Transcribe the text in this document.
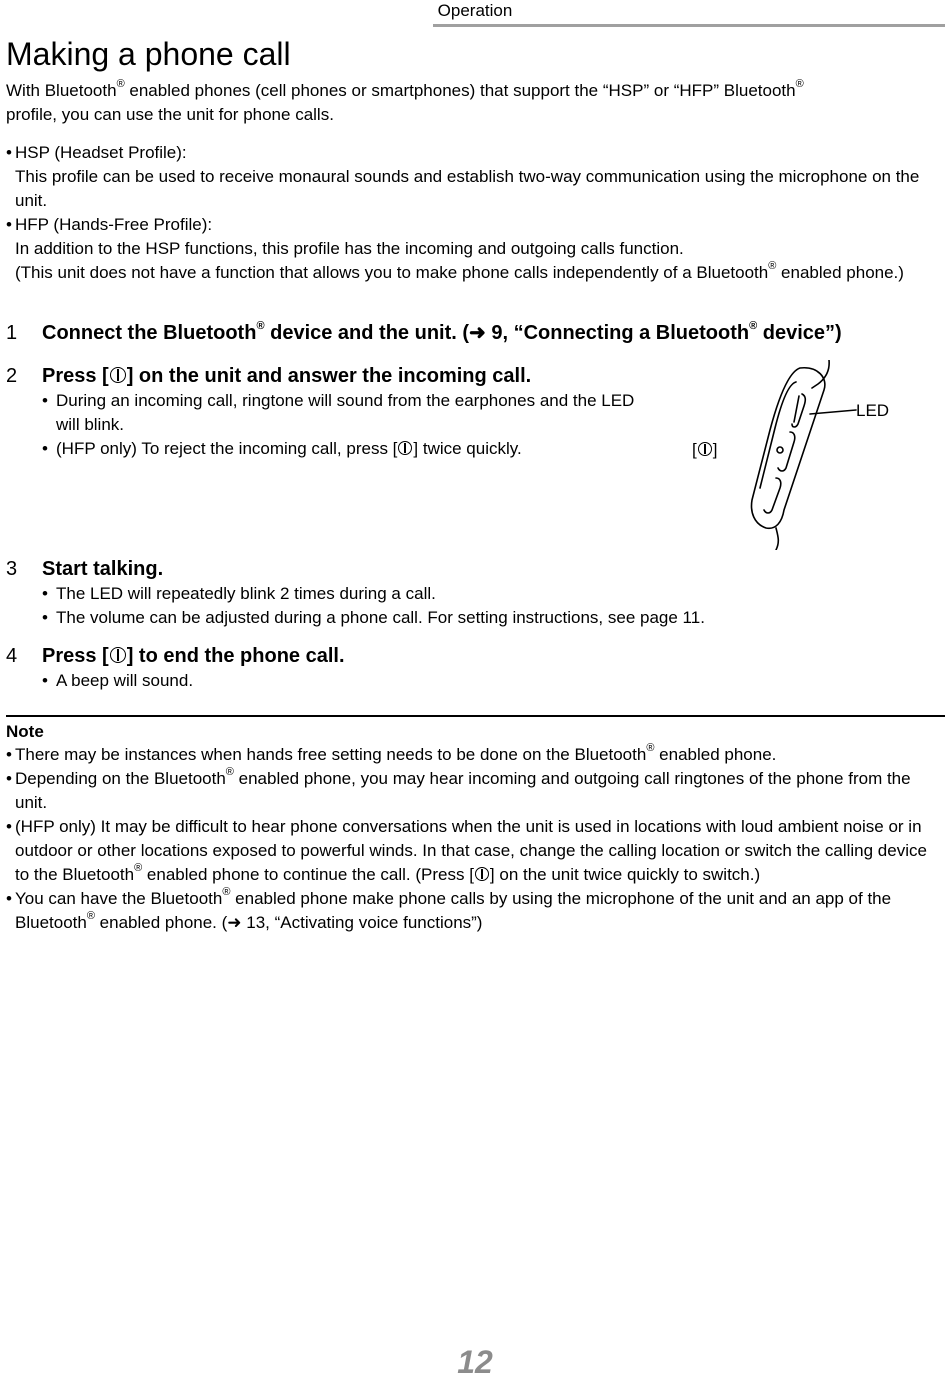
Operation
Making a phone call
With Bluetooth® enabled phones (cell phones or smartphones) that support the “HSP” or “HFP” Bluetooth®
profile, you can use the unit for phone calls.
• HSP (Headset Profile):
This profile can be used to receive monaural sounds and establish two-way communication using the microphone on the unit.
• HFP (Hands-Free Profile):
In addition to the HSP functions, this profile has the incoming and outgoing calls function.
(This unit does not have a function that allows you to make phone calls independently of a Bluetooth® enabled phone.)
1 Connect the Bluetooth® device and the unit. (➜ 9, “Connecting a Bluetooth® device”)
2 Press [ ] on the unit and answer the incoming call.
• During an incoming call, ringtone will sound from the earphones and the LED will blink.
• (HFP only) To reject the incoming call, press [ ] twice quickly.
LED
[ ]
3 Start talking.
• The LED will repeatedly blink 2 times during a call.
• The volume can be adjusted during a phone call. For setting instructions, see page 11.
4 Press [ ] to end the phone call.
• A beep will sound.
Note
• There may be instances when hands free setting needs to be done on the Bluetooth® enabled phone.
• Depending on the Bluetooth® enabled phone, you may hear incoming and outgoing call ringtones of the phone from the unit.
• (HFP only) It may be difficult to hear phone conversations when the unit is used in locations with loud ambient noise or in outdoor or other locations exposed to powerful winds. In that case, change the calling location or switch the calling device to the Bluetooth® enabled phone to continue the call. (Press [ ] on the unit twice quickly to switch.)
• You can have the Bluetooth® enabled phone make phone calls by using the microphone of the unit and an app of the Bluetooth® enabled phone. (➜ 13, “Activating voice functions”)
12
